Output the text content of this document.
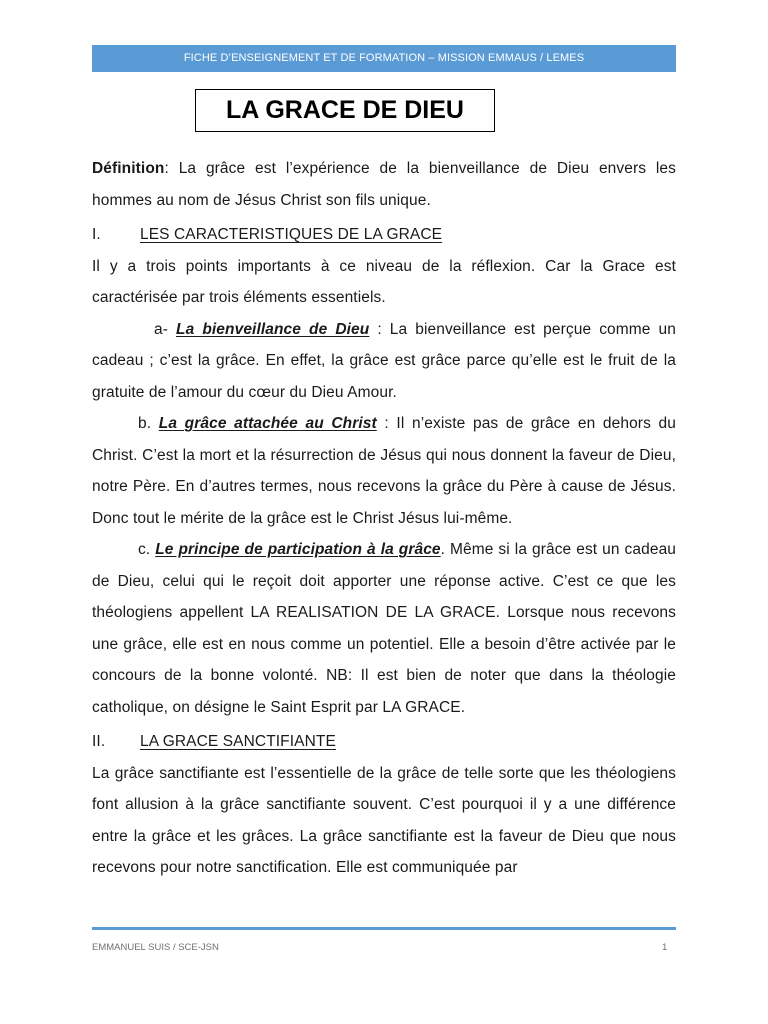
FICHE D’ENSEIGNEMENT ET DE FORMATION – MISSION EMMAUS / LEMES
LA GRACE DE DIEU

Définition: La grâce est l’expérience de la bienveillance de Dieu envers les hommes au nom de Jésus Christ son fils unique.

I.	LES CARACTERISTIQUES DE LA GRACE

Il y a trois points importants à ce niveau de la réflexion. Car la Grace est caractérisée par trois éléments essentiels.

a- La bienveillance de Dieu : La bienveillance est perçue comme un cadeau ; c’est la grâce. En effet, la grâce est grâce parce qu’elle est le fruit de la gratuite de l’amour du cœur du Dieu Amour.

b. La grâce attachée au Christ : Il n’existe pas de grâce en dehors du Christ. C’est la mort et la résurrection de Jésus qui nous donnent la faveur de Dieu, notre Père. En d’autres termes, nous recevons la grâce du Père à cause de Jésus. Donc tout le mérite de la grâce est le Christ Jésus lui-même.

c. Le principe de participation à la grâce. Même si la grâce est un cadeau de Dieu, celui qui le reçoit doit apporter une réponse active. C’est ce que les théologiens appellent LA REALISATION DE LA GRACE. Lorsque nous recevons une grâce, elle est en nous comme un potentiel. Elle a besoin d’être activée par le concours de la bonne volonté. NB: Il est bien de noter que dans la théologie catholique, on désigne le Saint Esprit par LA GRACE.

II.	LA GRACE SANCTIFIANTE

La grâce sanctifiante est l’essentielle de la grâce de telle sorte que les théologiens font allusion à la grâce sanctifiante souvent. C’est pourquoi il y a une différence entre la grâce et les grâces. La grâce sanctifiante est la faveur de Dieu que nous recevons pour notre sanctification. Elle est communiquée par

EMMANUEL SUIS / SCE-JSN	1
